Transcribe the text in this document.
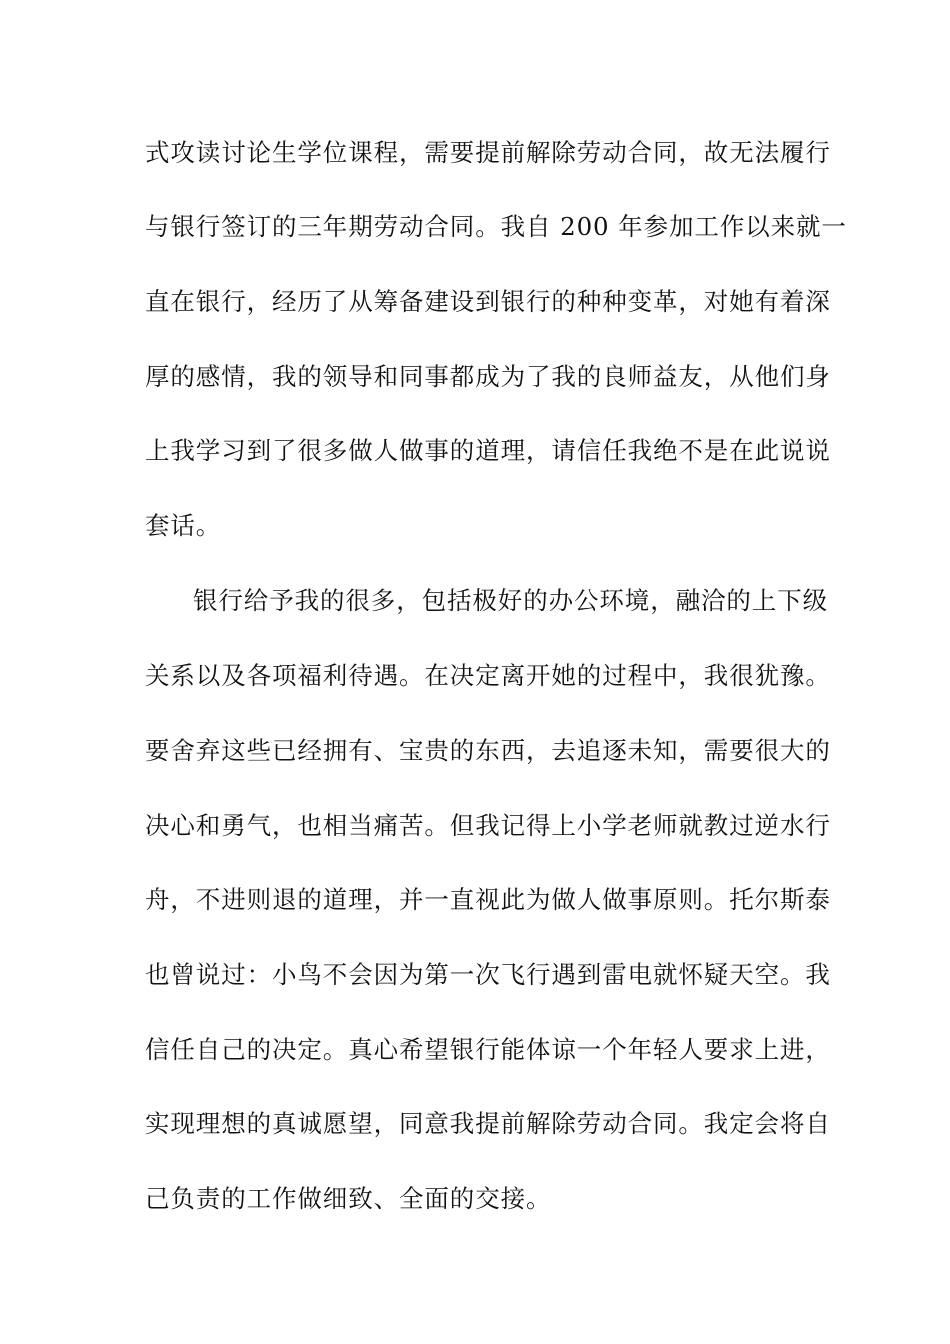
式攻读讨论生学位课程，需要提前解除劳动合同，故无法履行
与银行签订的三年期劳动合同。我自 200 年参加工作以来就一
直在银行，经历了从筹备建设到银行的种种变革，对她有着深
厚的感情，我的领导和同事都成为了我的良师益友，从他们身
上我学习到了很多做人做事的道理，请信任我绝不是在此说说
套话。
银行给予我的很多，包括极好的办公环境，融洽的上下级
关系以及各项福利待遇。在决定离开她的过程中，我很犹豫。
要舍弃这些已经拥有、宝贵的东西，去追逐未知，需要很大的
决心和勇气，也相当痛苦。但我记得上小学老师就教过逆水行
舟，不进则退的道理，并一直视此为做人做事原则。托尔斯泰
也曾说过：小鸟不会因为第一次飞行遇到雷电就怀疑天空。我
信任自己的决定。真心希望银行能体谅一个年轻人要求上进，
实现理想的真诚愿望，同意我提前解除劳动合同。我定会将自
己负责的工作做细致、全面的交接。
